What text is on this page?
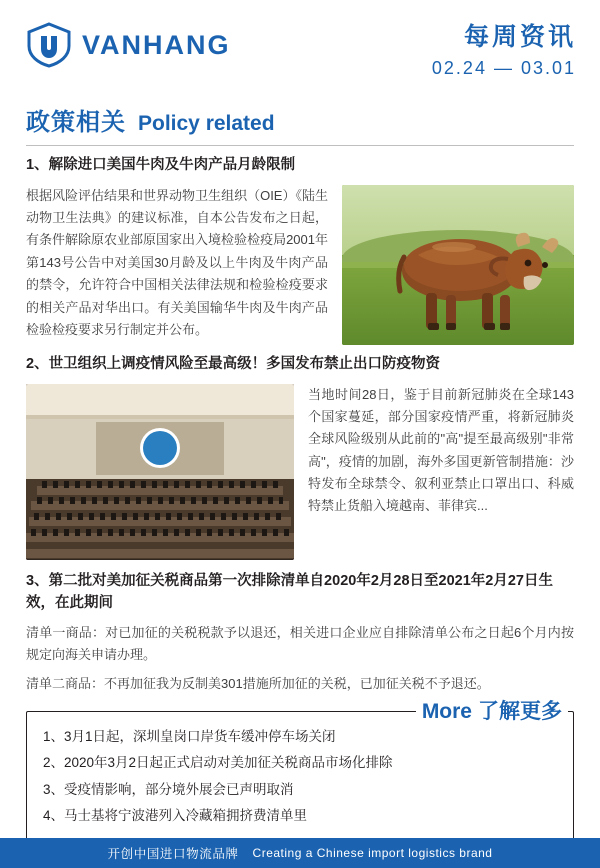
VANHANG	每周资讯
02.24 — 03.01
政策相关 Policy related
1、解除进口美国牛肉及牛肉产品月龄限制
根据风险评估结果和世界动物卫生组织（OIE）《陆生动物卫生法典》的建议标准，自本公告发布之日起，有条件解除原农业部原国家出入境检验检疫局2001年第143号公告中对美国30月龄及以上牛肉及牛肉产品的禁令，允许符合中国相关法律法规和检验检疫要求的相关产品对华出口。有关美国输华牛肉及牛肉产品检验检疫要求另行制定并公布。
2、世卫组织上调疫情风险至最高级！多国发布禁止出口防疫物资
当地时间28日，鉴于目前新冠肺炎在全球143个国家蔓延，部分国家疫情严重，将新冠肺炎全球风险级别从此前的"高"提至最高级别"非常高"，疫情的加剧，海外多国更新管制措施：沙特发布全球禁令、叙利亚禁止口罩出口、科威特禁止货船入境越南、菲律宾...
3、第二批对美加征关税商品第一次排除清单自2020年2月28日至2021年2月27日生效，在此期间
清单一商品：对已加征的关税税款予以退还，相关进口企业应自排除清单公布之日起6个月内按规定向海关申请办理。
清单二商品：不再加征我为反制美301措施所加征的关税，已加征关税不予退还。
More 了解更多
1、3月1日起，深圳皇岗口岸货车缓冲停车场关闭
2、2020年3月2日起正式启动对美加征关税商品市场化排除
3、受疫情影响，部分境外展会已声明取消
4、马士基将宁波港列入冷藏箱拥挤费清单里
开创中国进口物流品牌 Creating a Chinese import logistics brand
